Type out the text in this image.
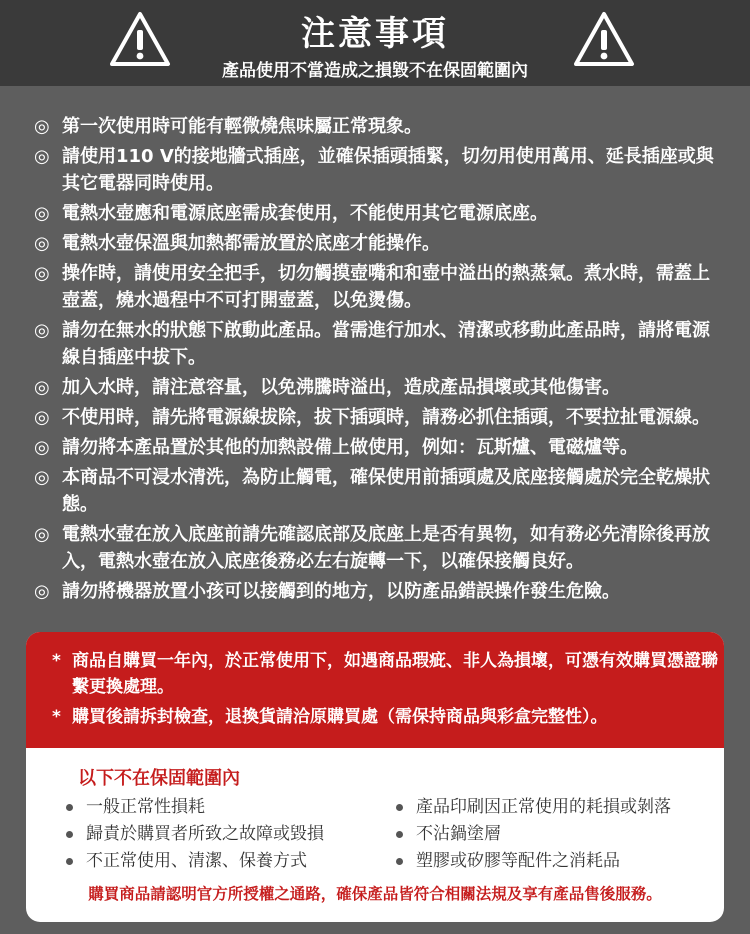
注意事項
產品使用不當造成之損毀不在保固範圍內
◎ 第一次使用時可能有輕微燒焦味屬正常現象。
◎ 請使用110 V的接地牆式插座，並確保插頭插緊，切勿用使用萬用、延長插座或與其它電器同時使用。
◎ 電熱水壺應和電源底座需成套使用，不能使用其它電源底座。
◎ 電熱水壺保溫與加熱都需放置於底座才能操作。
◎ 操作時，請使用安全把手，切勿觸摸壺嘴和和壺中溢出的熱蒸氣。煮水時，需蓋上壺蓋，燒水過程中不可打開壺蓋，以免燙傷。
◎ 請勿在無水的狀態下啟動此產品。當需進行加水、清潔或移動此產品時，請將電源線自插座中拔下。
◎ 加入水時，請注意容量，以免沸騰時溢出，造成產品損壞或其他傷害。
◎ 不使用時，請先將電源線拔除，拔下插頭時，請務必抓住插頭，不要拉扯電源線。
◎ 請勿將本產品置於其他的加熱設備上做使用，例如：瓦斯爐、電磁爐等。
◎ 本商品不可浸水清洗，為防止觸電，確保使用前插頭處及底座接觸處於完全乾燥狀態。
◎ 電熱水壺在放入底座前請先確認底部及底座上是否有異物，如有務必先清除後再放入，電熱水壺在放入底座後務必左右旋轉一下，以確保接觸良好。
◎ 請勿將機器放置小孩可以接觸到的地方，以防產品錯誤操作發生危險。
* 商品自購買一年內，於正常使用下，如遇商品瑕疵、非人為損壞，可憑有效購買憑證聯繫更換處理。
* 購買後請拆封檢查，退換貨請洽原購買處（需保持商品與彩盒完整性）。
以下不在保固範圍內
一般正常性損耗
歸責於購買者所致之故障或毀損
不正常使用、清潔、保養方式
產品印刷因正常使用的耗損或剝落
不沾鍋塗層
塑膠或矽膠等配件之消耗品
購買商品請認明官方所授權之通路，確保產品皆符合相關法規及享有產品售後服務。
